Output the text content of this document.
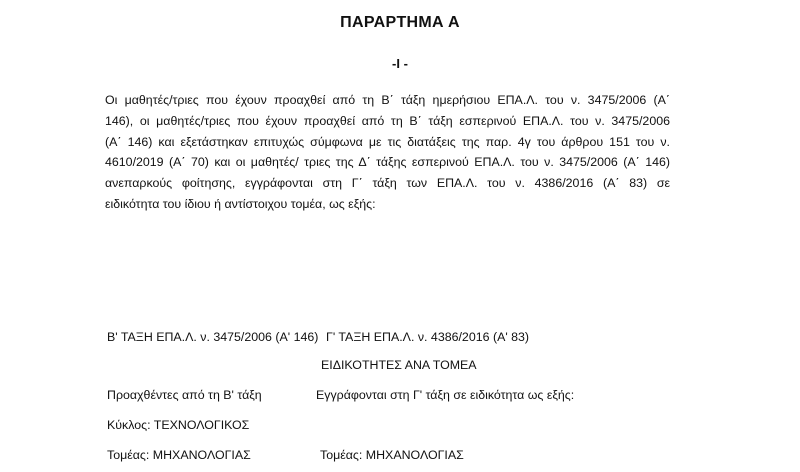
ΠΑΡΑΡΤΗΜΑ Α
-I -

Οι μαθητές/τριες που έχουν προαχθεί από τη Β΄ τάξη ημερήσιου ΕΠΑ.Λ. του ν. 3475/2006 (Α΄
146), οι μαθητές/τριες που έχουν προαχθεί από τη Β΄ τάξη εσπερινού ΕΠΑ.Λ. του ν. 3475/2006
(Α΄ 146) και εξετάστηκαν επιτυχώς σύμφωνα με τις διατάξεις της παρ. 4γ του άρθρου 151 του ν.
4610/2019 (Α΄ 70) και οι μαθητές/ τριες της Δ΄ τάξης εσπερινού ΕΠΑ.Λ. του ν. 3475/2006 (Α΄ 146)
ανεπαρκούς φοίτησης, εγγράφονται στη Γ΄ τάξη των ΕΠΑ.Λ. του ν. 4386/2016 (Α΄ 83) σε
ειδικότητα του ίδιου ή αντίστοιχου τομέα, ως εξής:

Β' ΤΑΞΗ ΕΠΑ.Λ. ν. 3475/2006 (Α' 146) Γ' ΤΑΞΗ ΕΠΑ.Λ. ν. 4386/2016 (Α' 83)
ΕΙΔΙΚΟΤΗΤΕΣ ΑΝΑ ΤΟΜΕΑ
Προαχθέντες από τη Β' τάξη	Εγγράφονται στη Γ' τάξη σε ειδικότητα ως εξής:
Κύκλος: ΤΕΧΝΟΛΟΓΙΚΟΣ
Τομέας: ΜΗΧΑΝΟΛΟΓΙΑΣ	Τομέας: ΜΗΧΑΝΟΛΟΓΙΑΣ
